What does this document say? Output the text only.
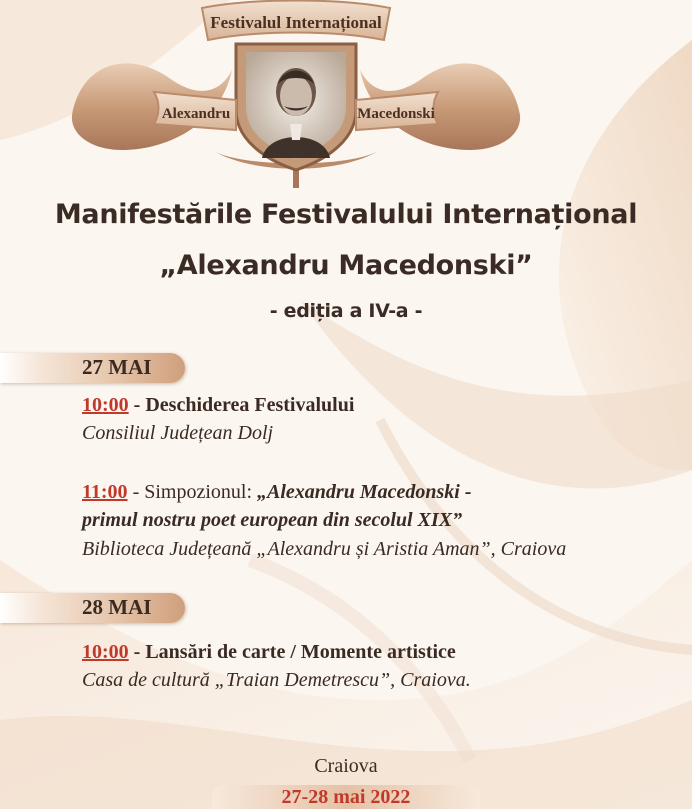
Festivalul Internațional
Alexandru	Macedonski
Manifestările Festivalului Internațional
„Alexandru Macedonski”
- ediția a IV-a -
27 MAI
10:00 - Deschiderea Festivalului
Consiliul Județean Dolj
11:00 - Simpozionul: „Alexandru Macedonski -
primul nostru poet european din secolul XIX”
Biblioteca Județeană „Alexandru și Aristia Aman”, Craiova
28 MAI
10:00 - Lansări de carte / Momente artistice
Casa de cultură „Traian Demetrescu”, Craiova.
Craiova
27-28 mai 2022
